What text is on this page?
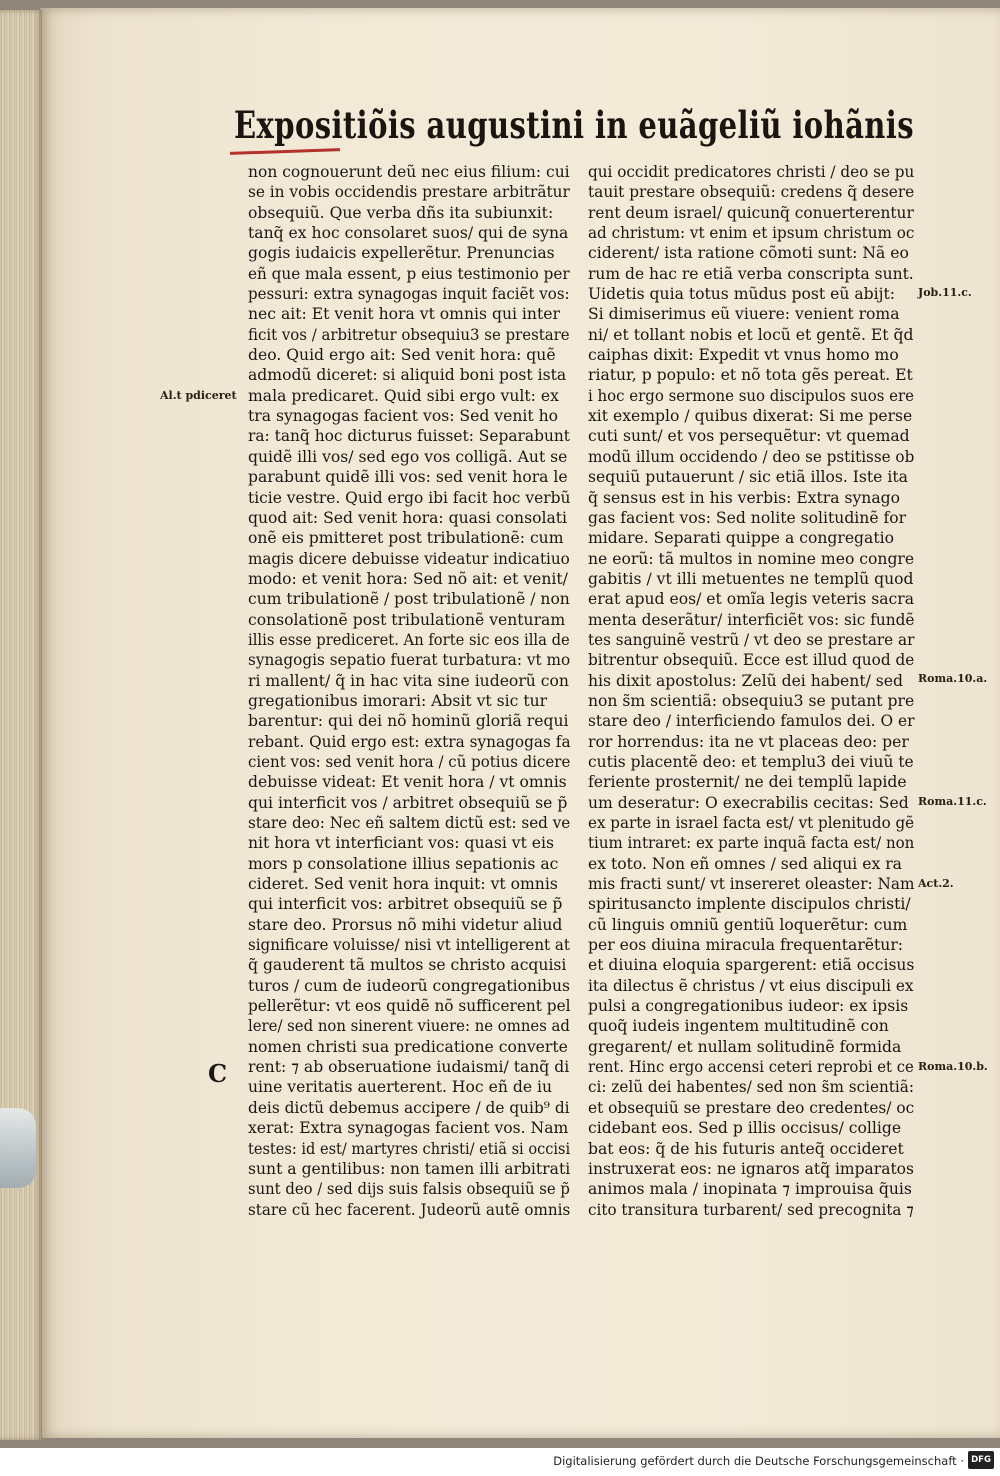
Expositiõis augustini in euãgeliũ iohãnis
non cognouerunt deũ nec eius filium: cui
se in vobis occidendis prestare arbitrãtur
obsequiũ. Que verba dñs ita subiunxit:
tanq̃ ex hoc consolaret suos/ qui de syna
gogis iudaicis expellerẽtur. Prenuncias
eñ que mala essent, p eius testimonio per
pessuri: extra synagogas inquit faciẽt vos:
nec ait: Et venit hora vt omnis qui inter
ficit vos / arbitretur obsequiu3 se prestare
deo. Quid ergo ait: Sed venit hora: quẽ
admodũ diceret: si aliquid boni post ista
mala predicaret. Quid sibi ergo vult: ex
tra synagogas facient vos: Sed venit ho
ra: tanq̃ hoc dicturus fuisset: Separabunt
quidẽ illi vos/ sed ego vos colligã. Aut se
parabunt quidẽ illi vos: sed venit hora le
ticie vestre. Quid ergo ibi facit hoc verbũ
quod ait: Sed venit hora: quasi consolati
onẽ eis pmitteret post tribulationẽ: cum
magis dicere debuisse videatur indicatiuo
modo: et venit hora: Sed nõ ait: et venit/
cum tribulationẽ / post tribulationẽ / non
consolationẽ post tribulationẽ venturam
illis esse prediceret. An forte sic eos illa de
synagogis sepatio fuerat turbatura: vt mo
ri mallent/ q̃ in hac vita sine iudeorũ con
gregationibus imorari: Absit vt sic tur
barentur: qui dei nõ hominũ gloriã requi
rebant. Quid ergo est: extra synagogas fa
cient vos: sed venit hora / cũ potius dicere
debuisse videat: Et venit hora / vt omnis
qui interficit vos / arbitret obsequiũ se p̃
stare deo: Nec eñ saltem dictũ est: sed ve
nit hora vt interficiant vos: quasi vt eis
mors p consolatione illius sepationis ac
cideret. Sed venit hora inquit: vt omnis
qui interficit vos: arbitret obsequiũ se p̃
stare deo. Prorsus nõ mihi videtur aliud
significare voluisse/ nisi vt intelligerent at
q̃ gauderent tã multos se christo acquisi
turos / cum de iudeorũ congregationibus
pellerẽtur: vt eos quidẽ nõ sufficerent pel
lere/ sed non sinerent viuere: ne omnes ad
nomen christi sua predicatione converte
rent: ⁊ ab obseruatione iudaismi/ tanq̃ di
uine veritatis auerterent. Hoc eñ de iu
deis dictũ debemus accipere / de quib⁹ di
xerat: Extra synagogas facient vos. Nam
testes: id est/ martyres christi/ etiã si occisi
sunt a gentilibus: non tamen illi arbitrati
sunt deo / sed dijs suis falsis obsequiũ se p̃
stare cũ hec facerent. Judeorũ autẽ omnis
qui occidit predicatores christi / deo se pu
tauit prestare obsequiũ: credens q̃ desere
rent deum israel/ quicunq̃ conuerterentur
ad christum: vt enim et ipsum christum oc
ciderent/ ista ratione cõmoti sunt: Nã eo
rum de hac re etiã verba conscripta sunt.
Uidetis quia totus mũdus post eũ abijt:
Si dimiserimus eũ viuere: venient roma
ni/ et tollant nobis et locũ et gentẽ. Et q̃d
caiphas dixit: Expedit vt vnus homo mo
riatur, p populo: et nõ tota gẽs pereat. Et
i hoc ergo sermone suo discipulos suos ere
xit exemplo / quibus dixerat: Si me perse
cuti sunt/ et vos persequẽtur: vt quemad
modũ illum occidendo / deo se pstitisse ob
sequiũ putauerunt / sic etiã illos. Iste ita
q̃ sensus est in his verbis: Extra synago
gas facient vos: Sed nolite solitudinẽ for
midare. Separati quippe a congregatio
ne eorũ: tã multos in nomine meo congre
gabitis / vt illi metuentes ne templũ quod
erat apud eos/ et omĩa legis veteris sacra
menta deserãtur/ interficiẽt vos: sic fundẽ
tes sanguinẽ vestrũ / vt deo se prestare ar
bitrentur obsequiũ. Ecce est illud quod de
his dixit apostolus: Zelũ dei habent/ sed
non s̃m scientiã: obsequiu3 se putant pre
stare deo / interficiendo famulos dei. O er
ror horrendus: ita ne vt placeas deo: per
cutis placentẽ deo: et templu3 dei viuũ te
feriente prosternit/ ne dei templũ lapide
um deseratur: O execrabilis cecitas: Sed
ex parte in israel facta est/ vt plenitudo gẽ
tium intraret: ex parte inquã facta est/ non
ex toto. Non eñ omnes / sed aliqui ex ra
mis fracti sunt/ vt insereret oleaster: Nam
spiritusancto implente discipulos christi/
cũ linguis omniũ gentiũ loquerẽtur: cum
per eos diuina miracula frequentarẽtur:
et diuina eloquia spargerent: etiã occisus
ita dilectus ẽ christus / vt eius discipuli ex
pulsi a congregationibus iudeor: ex ipsis
quoq̃ iudeis ingentem multitudinẽ con
gregarent/ et nullam solitudinẽ formida
rent. Hinc ergo accensi ceteri reprobi et ce
ci: zelũ dei habentes/ sed non s̃m scientiã:
et obsequiũ se prestare deo credentes/ oc
cidebant eos. Sed p illis occisus/ collige
bat eos: q̃ de his futuris anteq̃ occideret
instruxerat eos: ne ignaros atq̃ imparatos
animos mala / inopinata ⁊ improuisa q̃uis
cito transitura turbarent/ sed precognita ⁊
Al.t pdiceret
C
Job.11.c.
Roma.10.a.
Roma.11.c.
Act.2.
Roma.10.b.
Digitalisierung gefördert durch die Deutsche Forschungsgemeinschaft · DFG
